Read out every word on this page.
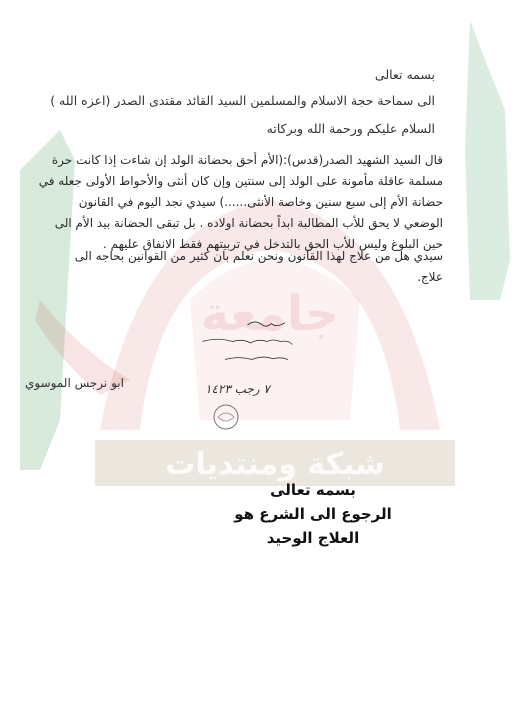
شبكة ومنتديات
جامعة
بسمه تعالى
الى سماحة حجة الاسلام والمسلمين السيد القائد مقتدى الصدر (اعزه الله )
السلام عليكم ورحمة الله وبركاته
قال السيد الشهيد الصدر(قدس):(الأم أحق بحضانة الولد إن شاءت إذا كانت حرة
مسلمة عاقلة مأمونة على الولد إلى سنتين وإن كان أنثى والأحواط الأولى جعله في
حضانة الأم إلى سبع سنين وخاصة الأنثى......) سيدي نجد اليوم في القانون
الوضعي لا يحق للأب المطالبة ابداً بحضانة اولاده . بل تبقى الحضانة بيد الأم الى
حين البلوغ وليس للأب الحق بالتدخل في تربيتهم فقط الانفاق عليهم .
سيدي هل من علاج لهذا القانون ونحن نعلم بان كثير من القوانين بحاجه الى
علاج.
٧ رجب ١٤٢٣
ابو نرجس الموسوي
بسمه تعالى
الرجوع الى الشرع هو
العلاج الوحيد
